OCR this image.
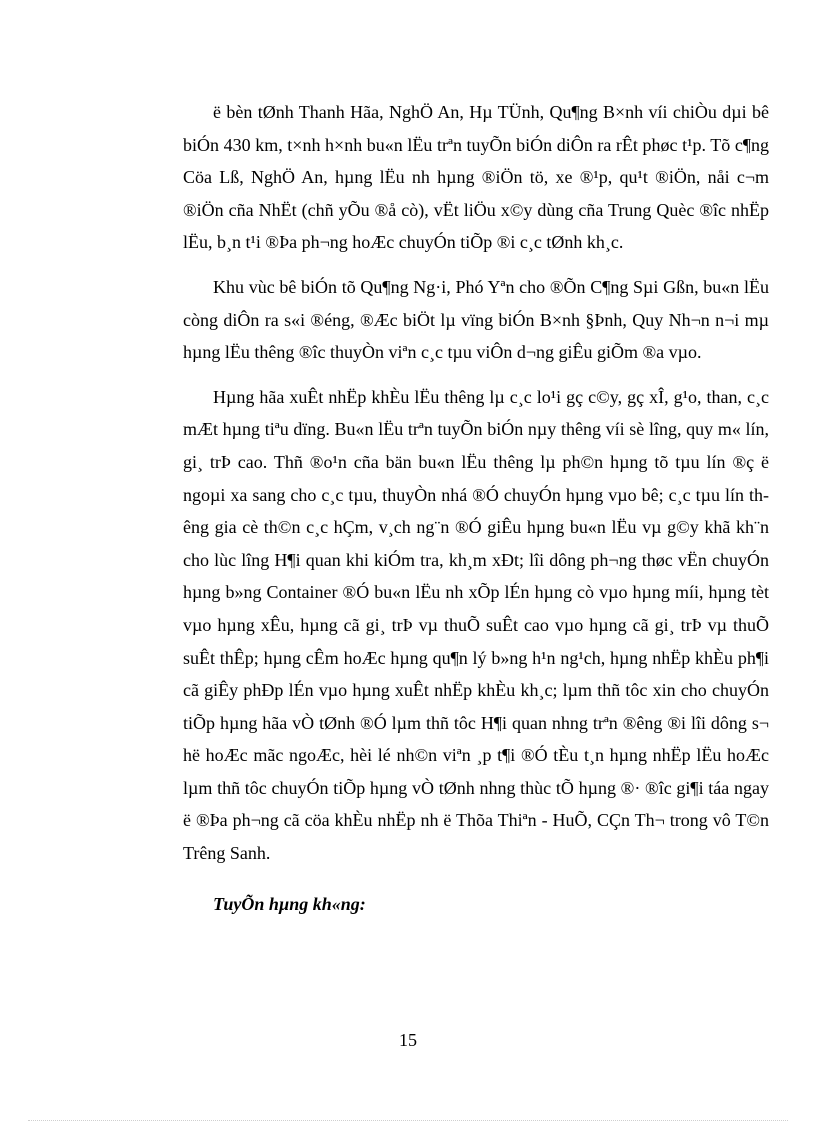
ë bèn tØnh Thanh Hãa, NghÖ An, Hµ TÜnh, Qu¶ng B×nh víi chiÒu dµi bê biÓn 430 km, t×nh h×nh bu«n lËu trªn tuyÕn biÓn diÔn ra rÊt phøc t¹p. Tõ c¶ng Cöa Lß, NghÖ An, hµng lËu nh hµng ®iÖn tö, xe ®¹p, qu¹t ®iÖn, nåi c¬m ®iÖn cña NhËt (chñ yÕu ®å cò), vËt liÖu x©y dùng cña Trung Quèc ®îc nhËp lËu, b¸n t¹i ®Þa ph¬ng hoÆc chuyÓn tiÕp ®i c¸c tØnh kh¸c.

Khu vùc bê biÓn tõ Qu¶ng Ng·i, Phó Yªn cho ®Õn C¶ng Sµi Gßn, bu«n lËu còng diÔn ra s«i ®éng, ®Æc biÖt lµ vïng biÓn B×nh §Þnh, Quy Nh¬n n¬i mµ hµng lËu thêng ®îc thuyÒn viªn c¸c tµu viÔn d¬ng giÊu giÕm ®a vµo.

Hµng hãa xuÊt nhËp khÈu lËu thêng lµ c¸c lo¹i gç c©y, gç xÎ, g¹o, than, c¸c mÆt hµng tiªu dïng. Bu«n lËu trªn tuyÕn biÓn nµy thêng víi sè lîng, quy m« lín, gi¸ trÞ cao. Thñ ®o¹n cña bän bu«n lËu thêng lµ ph©n hµng tõ tµu lín ®ç ë ngoµi xa sang cho c¸c tµu, thuyÒn nhá ®Ó chuyÓn hµng vµo bê; c¸c tµu lín thêng gia cè th©n c¸c hÇm, v¸ch ng¨n ®Ó giÊu hµng bu«n lËu vµ g©y khã kh¨n cho lùc lîng H¶i quan khi kiÓm tra, kh¸m xÐt; lîi dông ph¬ng thøc vËn chuyÓn hµng b»ng Container ®Ó bu«n lËu nh xÕp lÉn hµng cò vµo hµng míi, hµng tèt vµo hµng xÊu, hµng cã gi¸ trÞ vµ thuÕ suÊt cao vµo hµng cã gi¸ trÞ vµ thuÕ suÊt thÊp; hµng cÊm hoÆc hµng qu¶n lý b»ng h¹n ng¹ch, hµng nhËp khÈu ph¶i cã giÊy phÐp lÉn vµo hµng xuÊt nhËp khÈu kh¸c; lµm thñ tôc xin cho chuyÓn tiÕp hµng hãa vÒ tØnh ®Ó lµm thñ tôc H¶i quan nhng trªn ®êng ®i lîi dông s¬ hë hoÆc mãc ngoÆc, hèi lé nh©n viªn ¸p t¶i ®Ó tÈu t¸n hµng nhËp lËu hoÆc lµm thñ tôc chuyÓn tiÕp hµng vÒ tØnh nhng thùc tÕ hµng ®· ®îc gi¶i táa ngay ë ®Þa ph¬ng cã cöa khÈu nhËp nh ë Thõa Thiªn - HuÕ, CÇn Th¬ trong vô T©n Trêng Sanh.

TuyÕn hµng kh«ng:

15
